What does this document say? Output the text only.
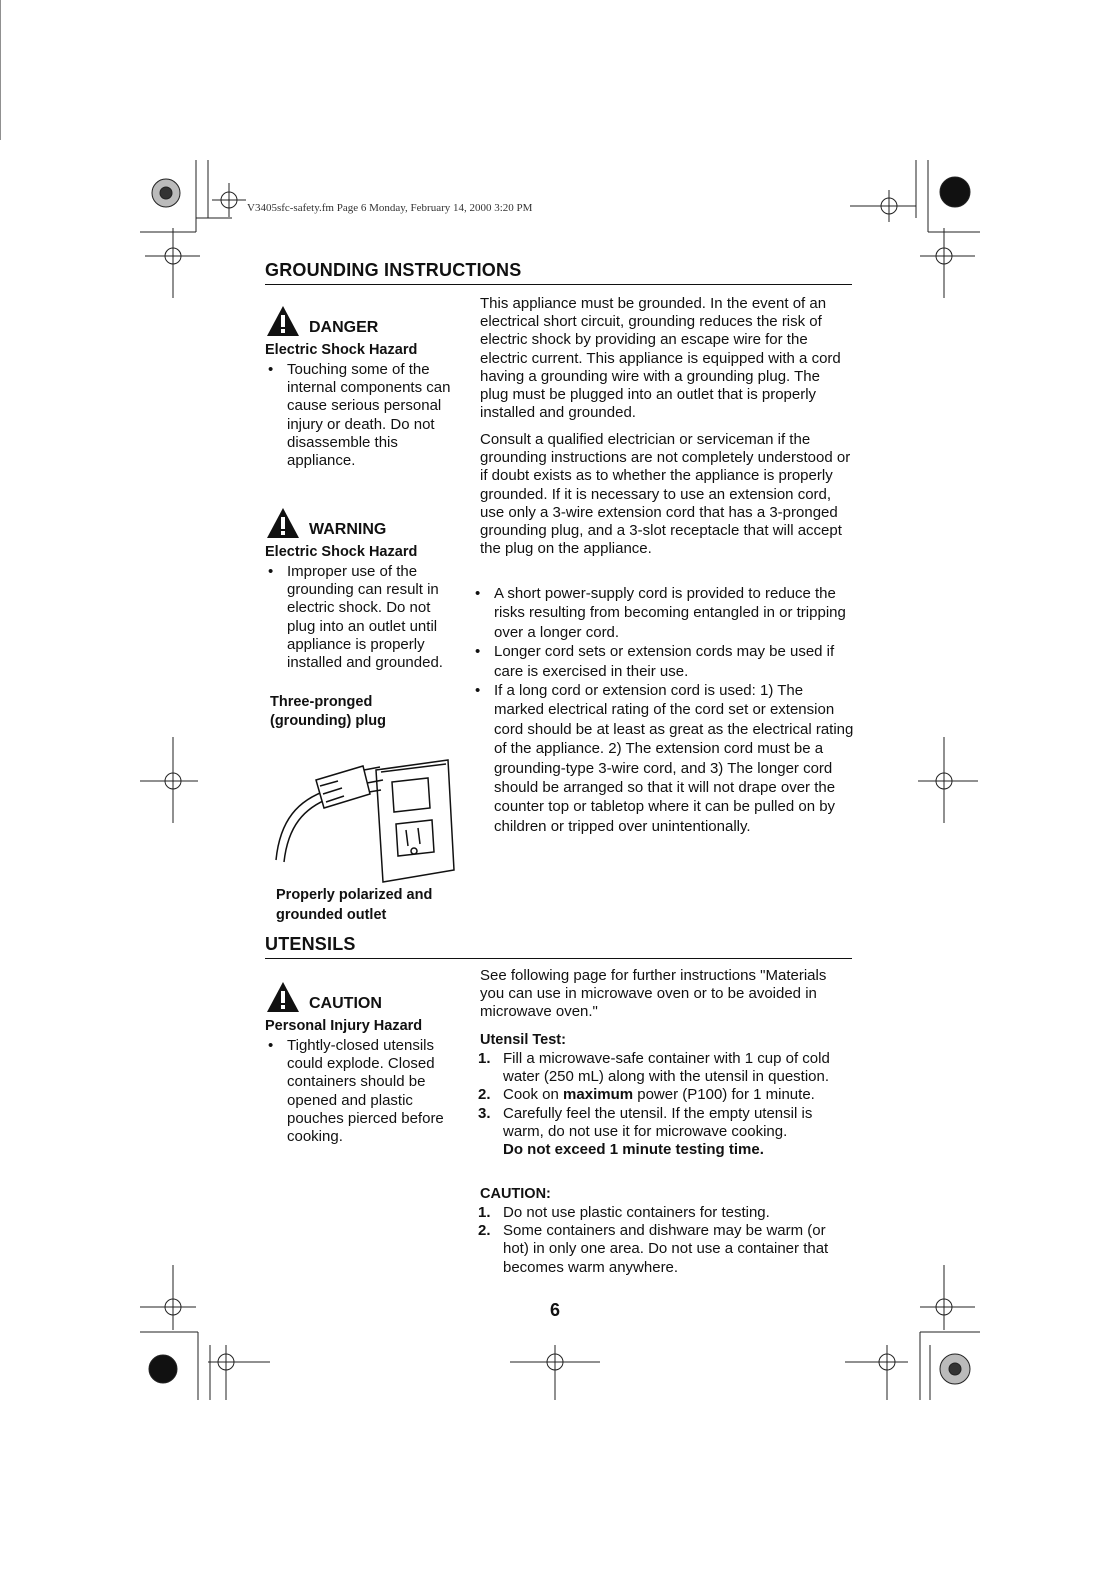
V3405sfc-safety.fm Page 6 Monday, February 14, 2000 3:20 PM
GROUNDING INSTRUCTIONS
DANGER
Electric Shock Hazard
• Touching some of the internal components can cause serious personal injury or death. Do not disassemble this appliance.
WARNING
Electric Shock Hazard
• Improper use of the grounding can result in electric shock. Do not plug into an outlet until appliance is properly installed and grounded.
Three-pronged (grounding) plug
Properly polarized and grounded outlet
This appliance must be grounded. In the event of an electrical short circuit, grounding reduces the risk of electric shock by providing an escape wire for the electric current. This appliance is equipped with a cord having a grounding wire with a grounding plug. The plug must be plugged into an outlet that is properly installed and grounded.
Consult a qualified electrician or serviceman if the grounding instructions are not completely understood or if doubt exists as to whether the appliance is properly grounded. If it is necessary to use an extension cord, use only a 3-wire extension cord that has a 3-pronged grounding plug, and a 3-slot receptacle that will accept the plug on the appliance.
• A short power-supply cord is provided to reduce the risks resulting from becoming entangled in or tripping over a longer cord.
• Longer cord sets or extension cords may be used if care is exercised in their use.
• If a long cord or extension cord is used: 1) The marked electrical rating of the cord set or extension cord should be at least as great as the electrical rating of the appliance. 2) The extension cord must be a grounding-type 3-wire cord, and 3) The longer cord should be arranged so that it will not drape over the counter top or tabletop where it can be pulled on by children or tripped over unintentionally.
UTENSILS
CAUTION
Personal Injury Hazard
• Tightly-closed utensils could explode. Closed containers should be opened and plastic pouches pierced before cooking.
See following page for further instructions "Materials you can use in microwave oven or to be avoided in microwave oven."
Utensil Test:
1. Fill a microwave-safe container with 1 cup of cold water (250 mL) along with the utensil in question.
2. Cook on maximum power (P100) for 1 minute.
3. Carefully feel the utensil. If the empty utensil is warm, do not use it for microwave cooking.
Do not exceed 1 minute testing time.
CAUTION:
1. Do not use plastic containers for testing.
2. Some containers and dishware may be warm (or hot) in only one area. Do not use a container that becomes warm anywhere.
6
